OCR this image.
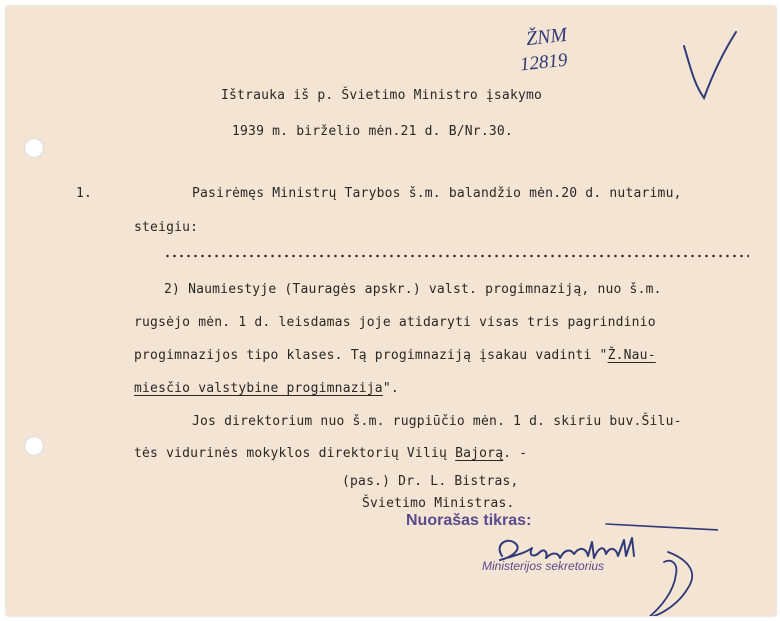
ŽNM
12819
Ištrauka iš p. Švietimo Ministro įsakymo
1939 m. birželio mėn.21 d. B/Nr.30.
1.	Pasirėmęs Ministrų Tarybos š.m. balandžio mėn.20 d. nutarimu,
steigiu:
2) Naumiestyje (Tauragės apskr.) valst. progimnaziją, nuo š.m.
rugsėjo mėn. 1 d. leisdamas joje atidaryti visas tris pagrindinio
progimnazijos tipo klases. Tą progimnaziją įsakau vadinti "Ž.Nau-
miesčio valstybine progimnazija".
Jos direktorium nuo š.m. rugpiūčio mėn. 1 d. skiriu buv.Šilu-
tės vidurinės mokyklos direktorių Vilių Bajorą. -
(pas.) Dr. L. Bistras,
Švietimo Ministras.
Nuorašas tikras:
Ministerijos sekretorius
